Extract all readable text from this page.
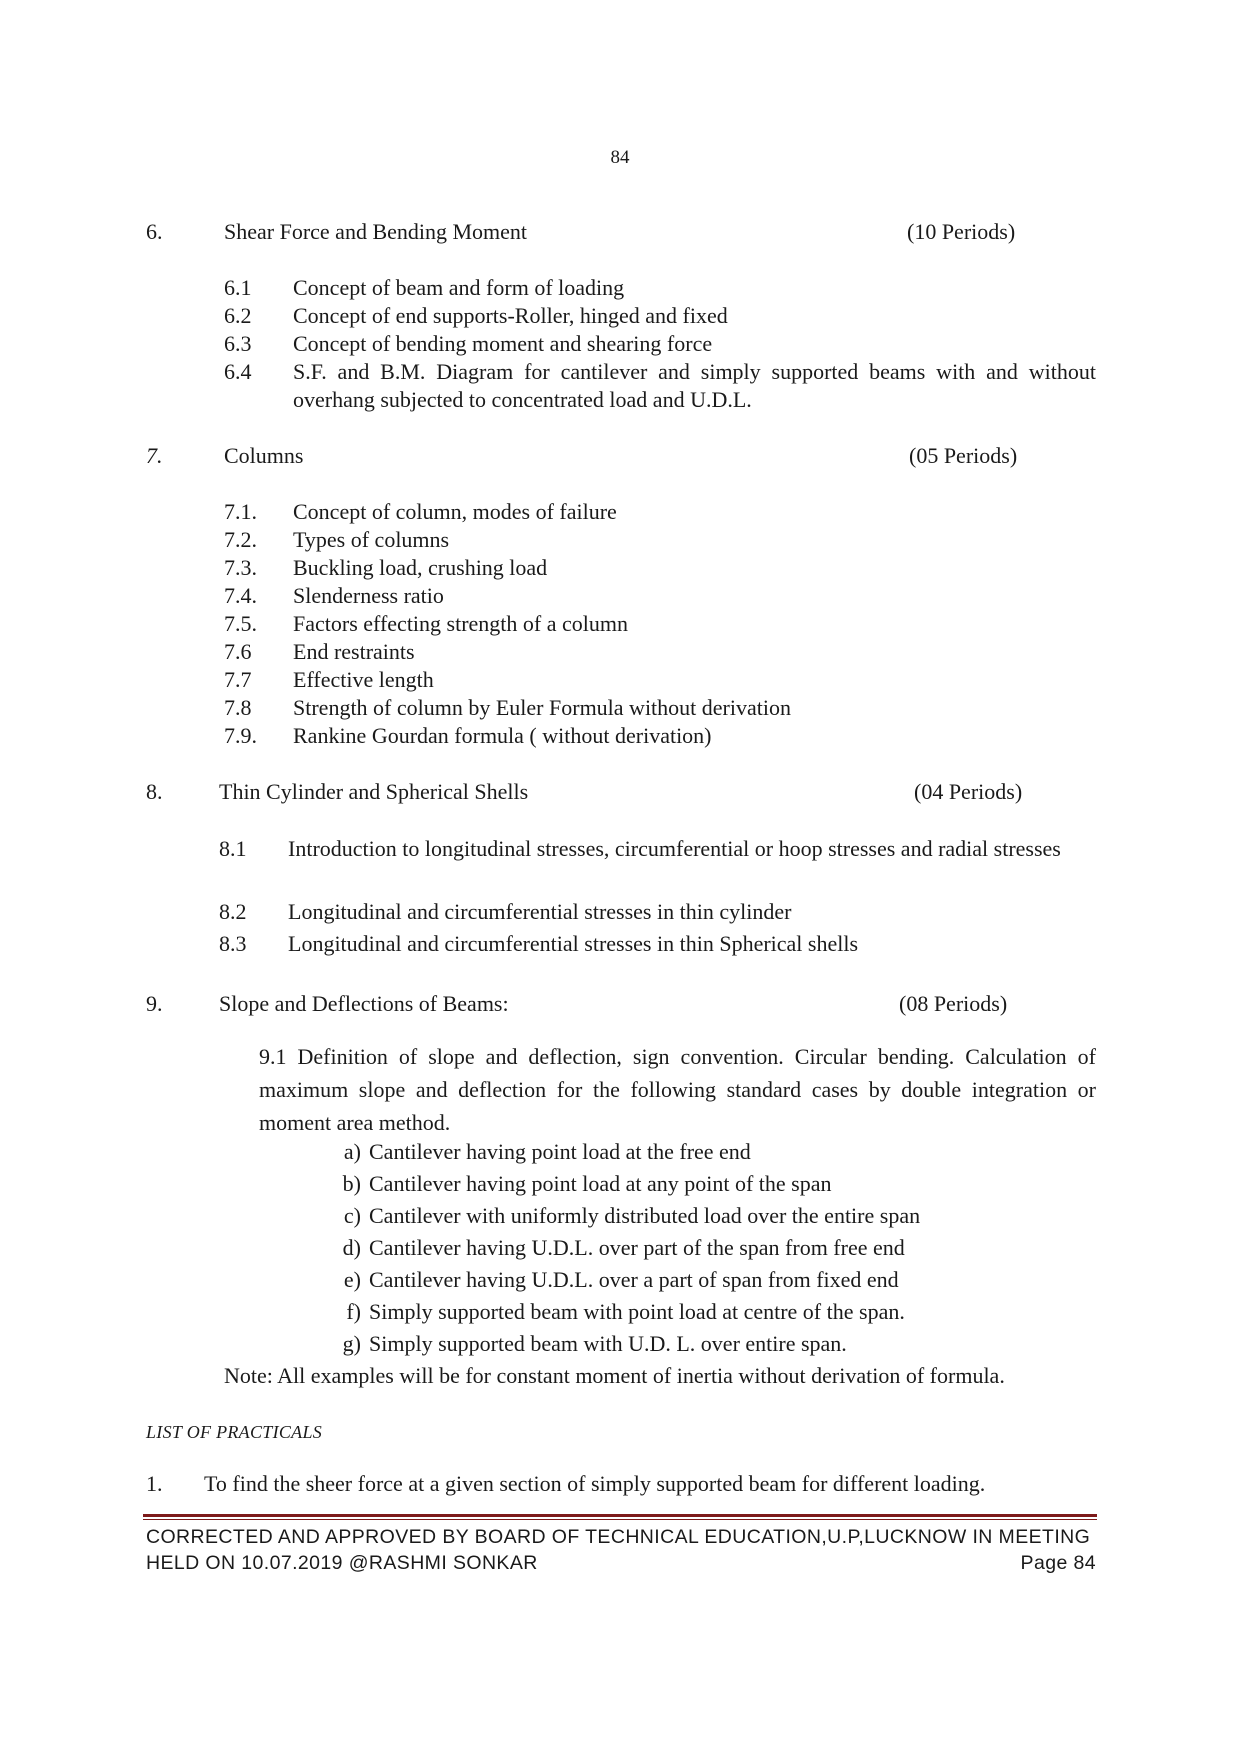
84
6.	Shear Force and Bending Moment	(10 Periods)
6.1	Concept of beam and form of loading
6.2	Concept of end supports-Roller, hinged and fixed
6.3	Concept of bending moment and shearing force
6.4	S.F. and B.M. Diagram for cantilever and simply supported beams with and without overhang subjected to concentrated load and U.D.L.
7.	Columns	(05 Periods)
7.1.	Concept of column, modes of failure
7.2.	Types of columns
7.3.	Buckling load, crushing load
7.4.	Slenderness ratio
7.5.	Factors effecting strength of a column
7.6	End restraints
7.7	Effective length
7.8	Strength of column by Euler Formula without derivation
7.9.	Rankine Gourdan formula ( without derivation)
8.	Thin Cylinder and Spherical Shells	(04 Periods)
8.1	Introduction to longitudinal stresses, circumferential or hoop stresses and radial stresses
8.2	Longitudinal and circumferential stresses in thin cylinder
8.3	Longitudinal and circumferential stresses in thin Spherical shells
9.	Slope and Deflections of Beams:	(08 Periods)
9.1 Definition of slope and deflection, sign convention. Circular bending. Calculation of maximum slope and deflection for the following standard cases by double integration or moment area method.
a) Cantilever having point load at the free end
b) Cantilever having point load at any point of the span
c) Cantilever with uniformly distributed load over the entire span
d) Cantilever having U.D.L. over part of the span from free end
e) Cantilever having U.D.L. over a part of span from fixed end
f) Simply supported beam with point load at centre of the span.
g) Simply supported beam with U.D. L. over entire span.
Note: All examples will be for constant moment of inertia without derivation of formula.
LIST OF PRACTICALS
1. To find the sheer force at a given section of simply supported beam for different loading.
CORRECTED AND APPROVED BY BOARD OF TECHNICAL EDUCATION,U.P,LUCKNOW IN MEETING
HELD ON 10.07.2019 @RASHMI SONKAR	Page 84
